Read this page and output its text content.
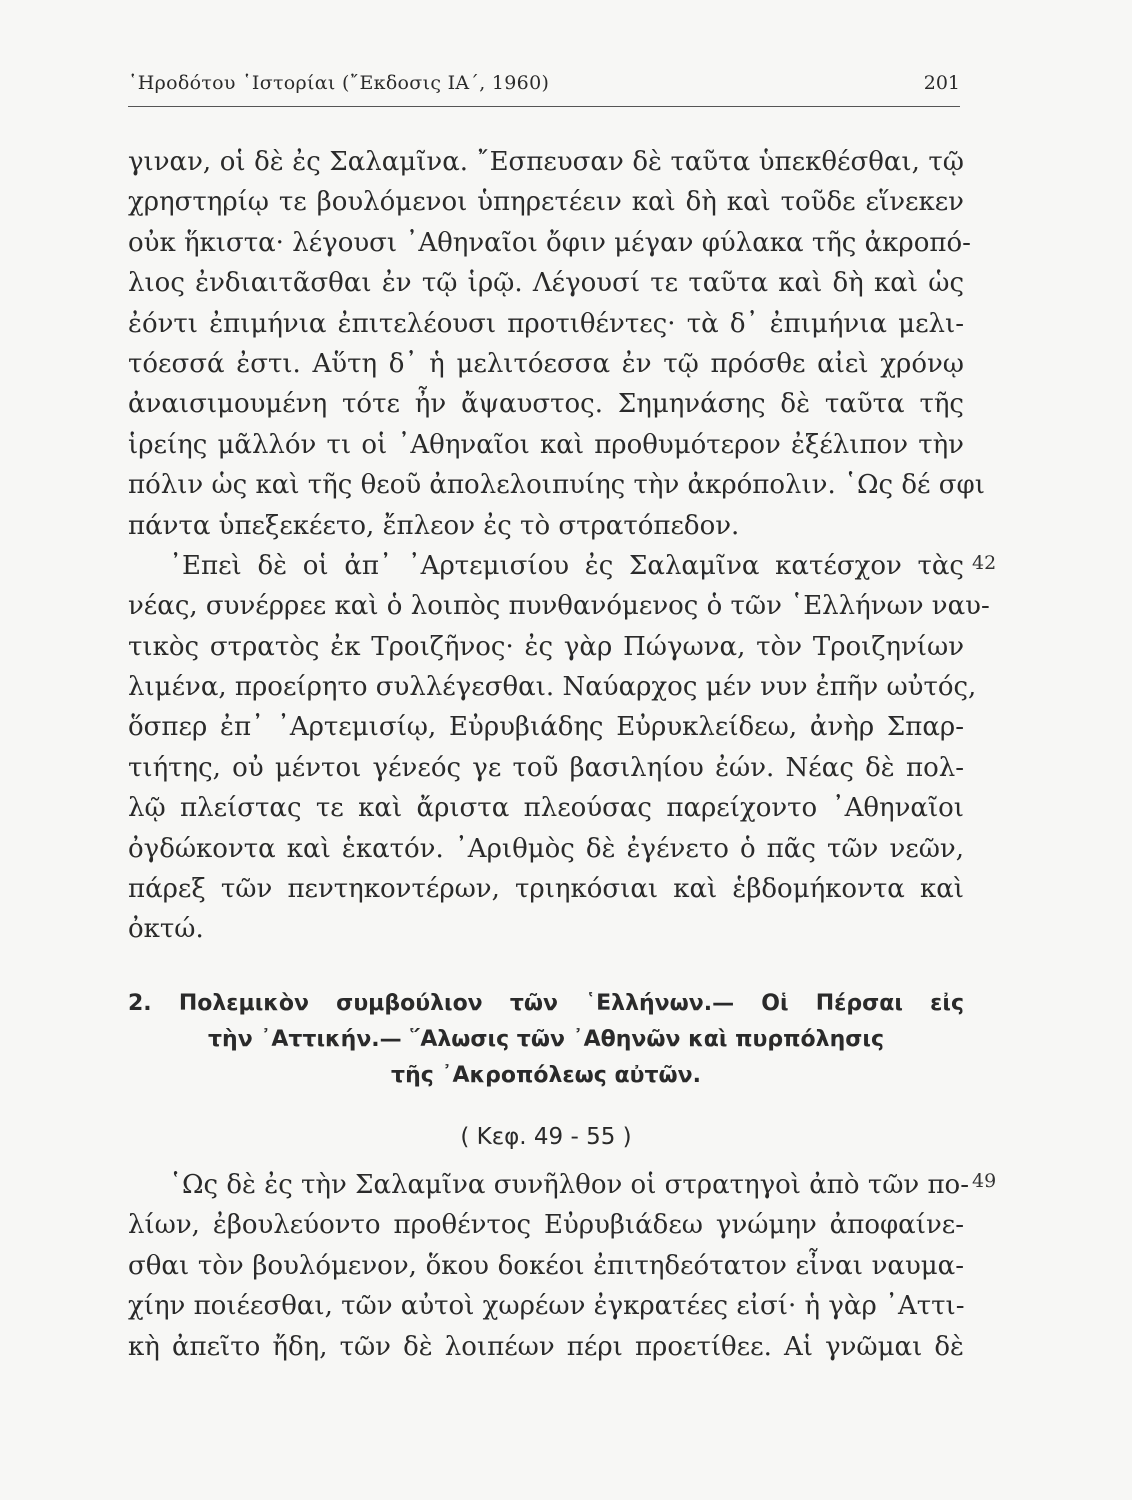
῾Ηροδότου ῾Ιστορίαι (῎Εκδοσις ΙΑ΄, 1960)	201
γιναν, οἱ δὲ ἐς Σαλαμῖνα. ῎Εσπευσαν δὲ ταῦτα ὑπεκθέσθαι, τῷ
χρηστηρίῳ τε βουλόμενοι ὑπηρετέειν καὶ δὴ καὶ τοῦδε εἵνεκεν
οὐκ ἥκιστα· λέγουσι ᾿Αθηναῖοι ὄφιν μέγαν φύλακα τῆς ἀκροπό-
λιος ἐνδιαιτᾶσθαι ἐν τῷ ἱρῷ. Λέγουσί τε ταῦτα καὶ δὴ καὶ ὡς
ἐόντι ἐπιμήνια ἐπιτελέουσι προτιθέντες· τὰ δ᾿ ἐπιμήνια μελι-
τόεσσά ἐστι. Αὕτη δ᾿ ἡ μελιτόεσσα ἐν τῷ πρόσθε αἰεὶ χρόνῳ
ἀναισιμουμένη τότε ἦν ἄψαυστος. Σημηνάσης δὲ ταῦτα τῆς
ἱρείης μᾶλλόν τι οἱ ᾿Αθηναῖοι καὶ προθυμότερον ἐξέλιπον τὴν
πόλιν ὡς καὶ τῆς θεοῦ ἀπολελοιπυίης τὴν ἀκρόπολιν. ῾Ως δέ σφι
πάντα ὑπεξεκέετο, ἔπλεον ἐς τὸ στρατόπεδον.
᾿Επεὶ δὲ οἱ ἀπ᾿ ᾿Αρτεμισίου ἐς Σαλαμῖνα κατέσχον τὰς
νέας, συνέρρεε καὶ ὁ λοιπὸς πυνθανόμενος ὁ τῶν ῾Ελλήνων ναυ-
τικὸς στρατὸς ἐκ Τροιζῆνος· ἐς γὰρ Πώγωνα, τὸν Τροιζηνίων
λιμένα, προείρητο συλλέγεσθαι. Ναύαρχος μέν νυν ἐπῆν ωὐτός,
ὅσπερ ἐπ᾿ ᾿Αρτεμισίῳ, Εὐρυβιάδης Εὐρυκλείδεω, ἀνὴρ Σπαρ-
τιήτης, οὐ μέντοι γένεός γε τοῦ βασιληίου ἐών. Νέας δὲ πολ-
λῷ πλείστας τε καὶ ἄριστα πλεούσας παρείχοντο ᾿Αθηναῖοι
ὀγδώκοντα καὶ ἑκατόν. ᾿Αριθμὸς δὲ ἐγένετο ὁ πᾶς τῶν νεῶν,
πάρεξ τῶν πεντηκοντέρων, τριηκόσιαι καὶ ἑβδομήκοντα καὶ
ὀκτώ.
42
2. Πολεμικὸν συμβούλιον τῶν ῾Ελλήνων.— Οἱ Πέρσαι εἰς
τὴν ᾿Αττικήν.— ῞Αλωσις τῶν ᾿Αθηνῶν καὶ πυρπόλησις
τῆς ᾿Ακροπόλεως αὐτῶν.
( Κεφ. 49 - 55 )
῾Ως δὲ ἐς τὴν Σαλαμῖνα συνῆλθον οἱ στρατηγοὶ ἀπὸ τῶν πο-
λίων, ἐβουλεύοντο προθέντος Εὐρυβιάδεω γνώμην ἀποφαίνε-
σθαι τὸν βουλόμενον, ὅκου δοκέοι ἐπιτηδεότατον εἶναι ναυμα-
χίην ποιέεσθαι, τῶν αὐτοὶ χωρέων ἐγκρατέες εἰσί· ἡ γὰρ ᾿Αττι-
κὴ ἀπεῖτο ἤδη, τῶν δὲ λοιπέων πέρι προετίθεε. Αἱ γνῶμαι δὲ
49
